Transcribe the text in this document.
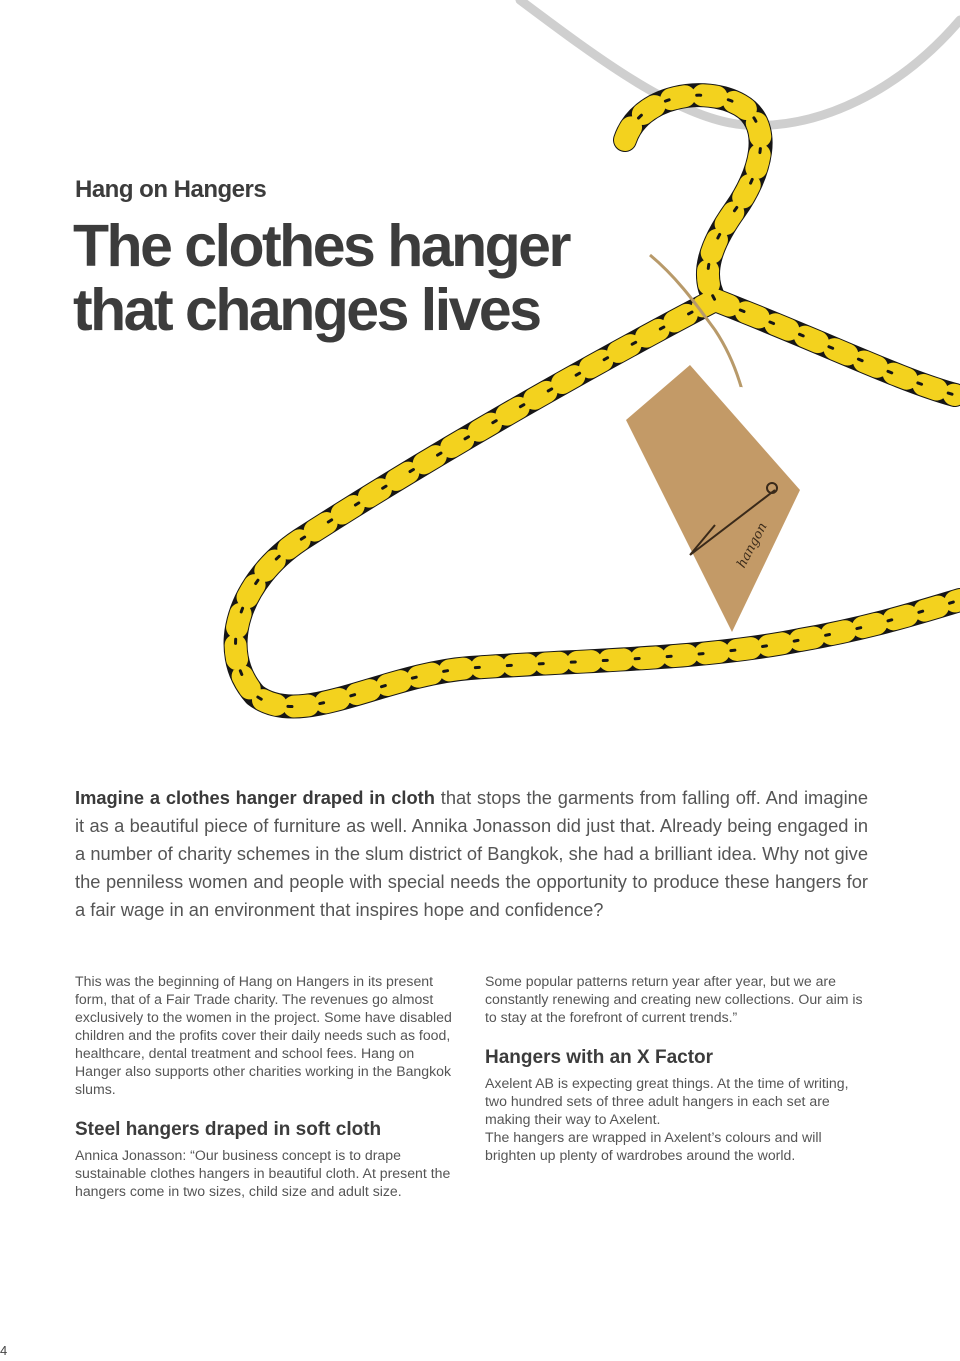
hangon
Hang on Hangers
The clothes hanger
that changes lives

Imagine a clothes hanger draped in cloth that stops the garments from falling off. And imagine it as a beautiful piece of furniture as well. Annika Jonasson did just that. Already being engaged in a number of charity schemes in the slum district of Bangkok, she had a brilliant idea. Why not give the penniless women and people with special needs the opportunity to produce these hangers for a fair wage in an environment that inspires hope and confidence?

This was the beginning of Hang on Hangers in its present form, that of a Fair Trade charity. The revenues go almost exclusively to the women in the project. Some have disabled children and the profits cover their daily needs such as food, healthcare, dental treatment and school fees. Hang on Hanger also supports other charities working in the Bangkok slums.

Steel hangers draped in soft cloth

Annica Jonasson: “Our business concept is to drape sustainable clothes hangers in beautiful cloth. At present the hangers come in two sizes, child size and adult size.

Some popular patterns return year after year, but we are constantly renewing and creating new collections. Our aim is to stay at the forefront of current trends.”

Hangers with an X Factor

Axelent AB is expecting great things. At the time of writing, two hundred sets of three adult hangers in each set are making their way to Axelent.

The hangers are wrapped in Axelent’s colours and will brighten up plenty of wardrobes around the world.

4
